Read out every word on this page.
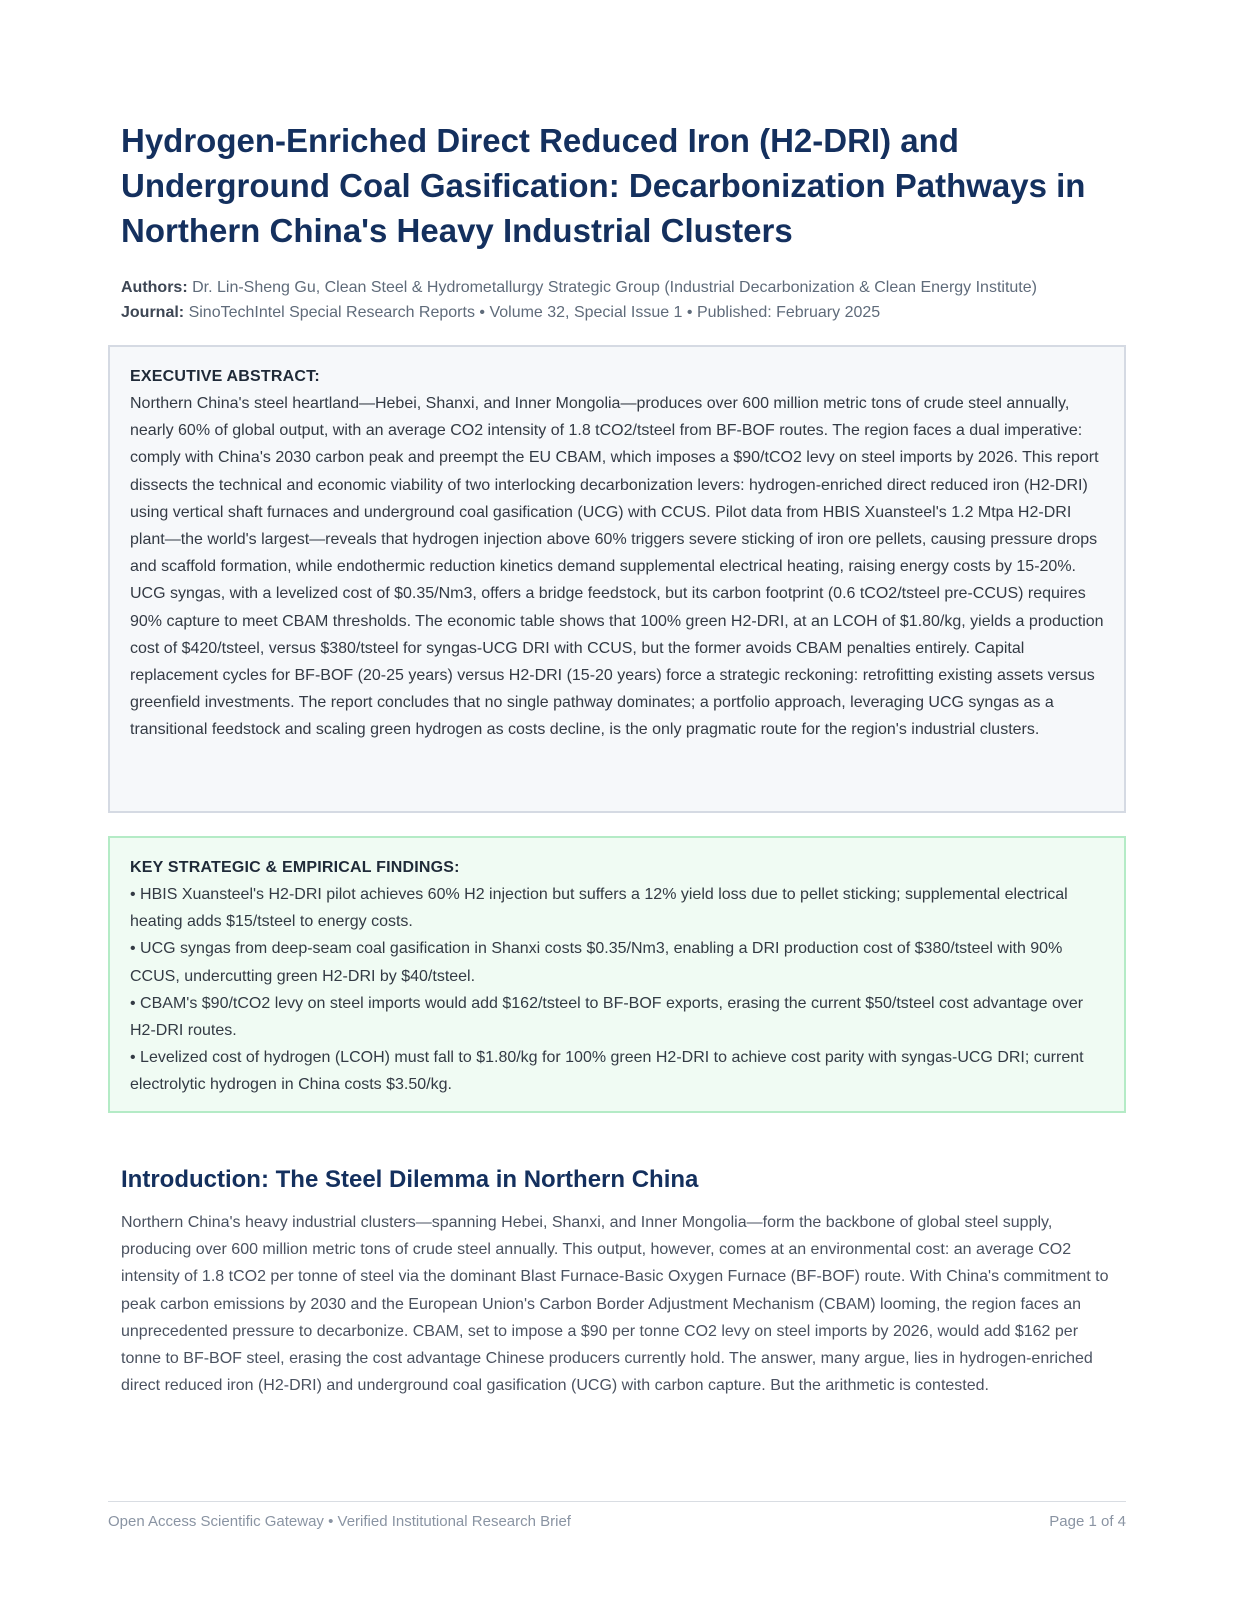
Hydrogen-Enriched Direct Reduced Iron (H2-DRI) and Underground Coal Gasification: Decarbonization Pathways in Northern China's Heavy Industrial Clusters
Authors: Dr. Lin-Sheng Gu, Clean Steel & Hydrometallurgy Strategic Group (Industrial Decarbonization & Clean Energy Institute)
Journal: SinoTechIntel Special Research Reports • Volume 32, Special Issue 1 • Published: February 2025
EXECUTIVE ABSTRACT:

Northern China's steel heartland—Hebei, Shanxi, and Inner Mongolia—produces over 600 million metric tons of crude steel annually, nearly 60% of global output, with an average CO2 intensity of 1.8 tCO2/tsteel from BF-BOF routes. The region faces a dual imperative: comply with China's 2030 carbon peak and preempt the EU CBAM, which imposes a $90/tCO2 levy on steel imports by 2026. This report dissects the technical and economic viability of two interlocking decarbonization levers: hydrogen-enriched direct reduced iron (H2-DRI) using vertical shaft furnaces and underground coal gasification (UCG) with CCUS. Pilot data from HBIS Xuansteel's 1.2 Mtpa H2-DRI plant—the world's largest—reveals that hydrogen injection above 60% triggers severe sticking of iron ore pellets, causing pressure drops and scaffold formation, while endothermic reduction kinetics demand supplemental electrical heating, raising energy costs by 15-20%. UCG syngas, with a levelized cost of $0.35/Nm3, offers a bridge feedstock, but its carbon footprint (0.6 tCO2/tsteel pre-CCUS) requires 90% capture to meet CBAM thresholds. The economic table shows that 100% green H2-DRI, at an LCOH of $1.80/kg, yields a production cost of $420/tsteel, versus $380/tsteel for syngas-UCG DRI with CCUS, but the former avoids CBAM penalties entirely. Capital replacement cycles for BF-BOF (20-25 years) versus H2-DRI (15-20 years) force a strategic reckoning: retrofitting existing assets versus greenfield investments. The report concludes that no single pathway dominates; a portfolio approach, leveraging UCG syngas as a transitional feedstock and scaling green hydrogen as costs decline, is the only pragmatic route for the region's industrial clusters.

KEY STRATEGIC & EMPIRICAL FINDINGS:
• HBIS Xuansteel's H2-DRI pilot achieves 60% H2 injection but suffers a 12% yield loss due to pellet sticking; supplemental electrical heating adds $15/tsteel to energy costs.
• UCG syngas from deep-seam coal gasification in Shanxi costs $0.35/Nm3, enabling a DRI production cost of $380/tsteel with 90% CCUS, undercutting green H2-DRI by $40/tsteel.
• CBAM's $90/tCO2 levy on steel imports would add $162/tsteel to BF-BOF exports, erasing the current $50/tsteel cost advantage over H2-DRI routes.
• Levelized cost of hydrogen (LCOH) must fall to $1.80/kg for 100% green H2-DRI to achieve cost parity with syngas-UCG DRI; current electrolytic hydrogen in China costs $3.50/kg.
Introduction: The Steel Dilemma in Northern China

Northern China's heavy industrial clusters—spanning Hebei, Shanxi, and Inner Mongolia—form the backbone of global steel supply, producing over 600 million metric tons of crude steel annually. This output, however, comes at an environmental cost: an average CO2 intensity of 1.8 tCO2 per tonne of steel via the dominant Blast Furnace-Basic Oxygen Furnace (BF-BOF) route. With China's commitment to peak carbon emissions by 2030 and the European Union's Carbon Border Adjustment Mechanism (CBAM) looming, the region faces an unprecedented pressure to decarbonize. CBAM, set to impose a $90 per tonne CO2 levy on steel imports by 2026, would add $162 per tonne to BF-BOF steel, erasing the cost advantage Chinese producers currently hold. The answer, many argue, lies in hydrogen-enriched direct reduced iron (H2-DRI) and underground coal gasification (UCG) with carbon capture. But the arithmetic is contested.

Open Access Scientific Gateway • Verified Institutional Research Brief	Page 1 of 4
